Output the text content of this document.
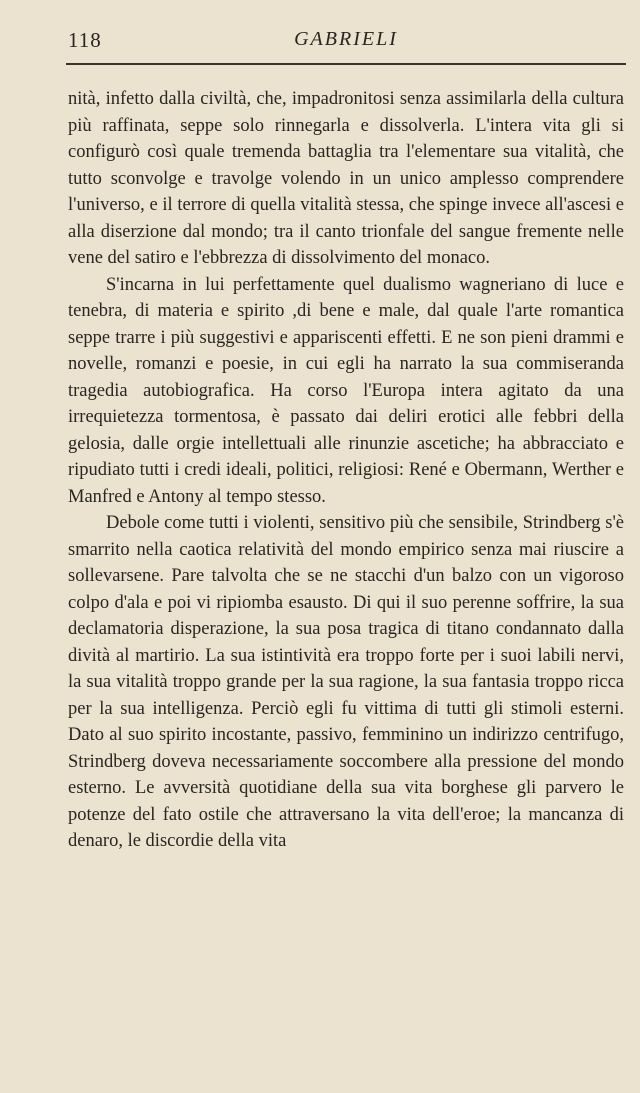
118	GABRIELI

nità, infetto dalla civiltà, che, impadronitosi senza assimilarla della cultura più raffinata, seppe solo rinnegarla e dissolverla. L'intera vita gli si configurò così quale tremenda battaglia tra l'elementare sua vitalità, che tutto sconvolge e travolge volendo in un unico amplesso comprendere l'universo, e il terrore di quella vitalità stessa, che spinge invece all'ascesi e alla diserzione dal mondo; tra il canto trionfale del sangue fremente nelle vene del satiro e l'ebbrezza di dissolvimento del monaco.

S'incarna in lui perfettamente quel dualismo wagneriano di luce e tenebra, di materia e spirito ,di bene e male, dal quale l'arte romantica seppe trarre i più suggestivi e appariscenti effetti. E ne son pieni drammi e novelle, romanzi e poesie, in cui egli ha narrato la sua commiseranda tragedia autobiografica. Ha corso l'Europa intera agitato da una irrequietezza tormentosa, è passato dai deliri erotici alle febbri della gelosia, dalle orgie intellettuali alle rinunzie ascetiche; ha abbracciato e ripudiato tutti i credi ideali, politici, religiosi: René e Obermann, Werther e Manfred e Antony al tempo stesso.

Debole come tutti i violenti, sensitivo più che sensibile, Strindberg s'è smarrito nella caotica relatività del mondo empirico senza mai riuscire a sollevarsene. Pare talvolta che se ne stacchi d'un balzo con un vigoroso colpo d'ala e poi vi ripiomba esausto. Di qui il suo perenne soffrire, la sua declamatoria disperazione, la sua posa tragica di titano condannato dalla dività al martirio. La sua istintività era troppo forte per i suoi labili nervi, la sua vitalità troppo grande per la sua ragione, la sua fantasia troppo ricca per la sua intelligenza. Perciò egli fu vittima di tutti gli stimoli esterni. Dato al suo spirito incostante, passivo, femminino un indirizzo centrifugo, Strindberg doveva necessariamente soccombere alla pressione del mondo esterno. Le avversità quotidiane della sua vita borghese gli parvero le potenze del fato ostile che attraversano la vita dell'eroe; la mancanza di denaro, le discordie della vita
